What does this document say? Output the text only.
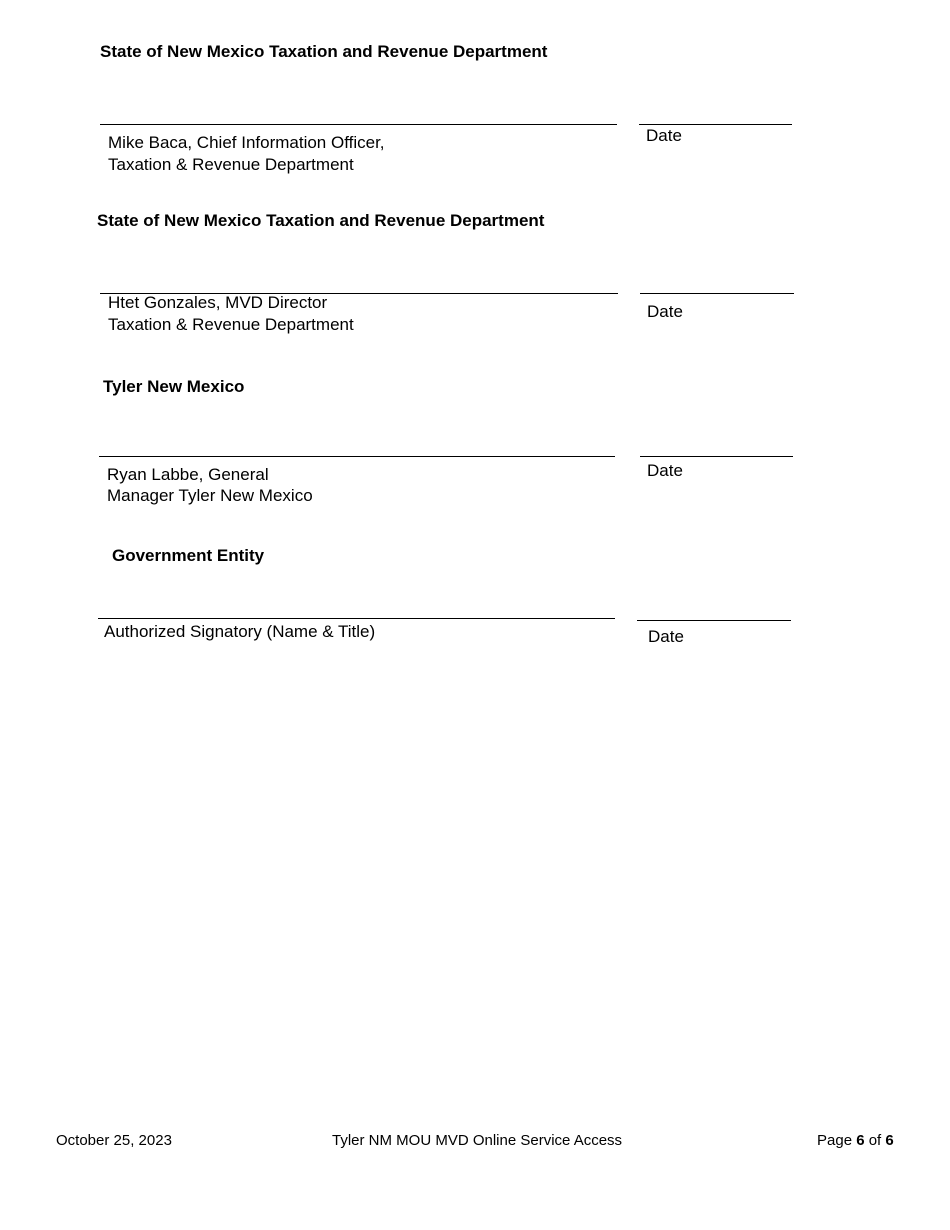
State of New Mexico Taxation and Revenue Department
Mike Baca, Chief Information Officer,
Taxation & Revenue Department
Date
State of New Mexico Taxation and Revenue Department
Htet Gonzales, MVD Director
Taxation & Revenue Department
Date
Tyler New Mexico
Ryan Labbe, General
Manager Tyler New Mexico
Date
Government Entity
Authorized Signatory (Name & Title)	Date
October 25, 2023	Tyler NM MOU MVD Online Service Access	Page 6 of 6
